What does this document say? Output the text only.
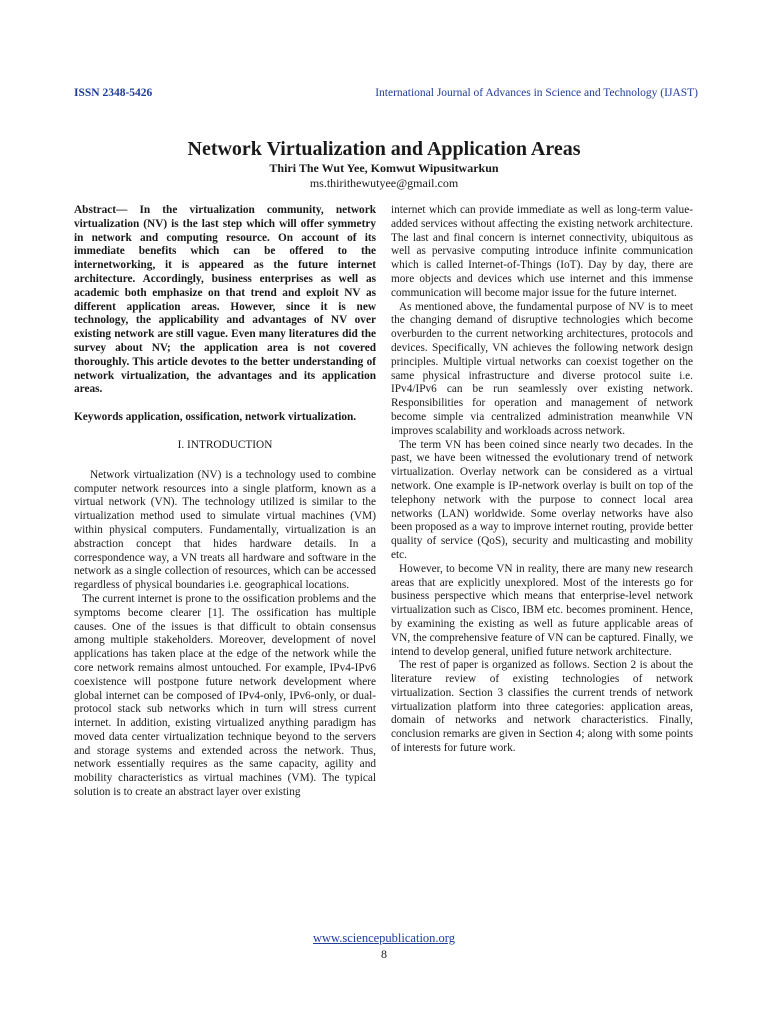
ISSN 2348-5426	International Journal of Advances in Science and Technology (IJAST)
Network Virtualization and Application Areas
Thiri The Wut Yee, Komwut Wipusitwarkun
ms.thirithewutyee@gmail.com

Abstract— In the virtualization community, network virtualization (NV) is the last step which will offer symmetry in network and computing resource. On account of its immediate benefits which can be offered to the internetworking, it is appeared as the future internet architecture. Accordingly, business enterprises as well as academic both emphasize on that trend and exploit NV as different application areas. However, since it is new technology, the applicability and advantages of NV over existing network are still vague. Even many literatures did the survey about NV; the application area is not covered thoroughly. This article devotes to the better understanding of network virtualization, the advantages and its application areas.

Keywords application, ossification, network virtualization.

I. INTRODUCTION

Network virtualization (NV) is a technology used to combine computer network resources into a single platform, known as a virtual network (VN). The technology utilized is similar to the virtualization method used to simulate virtual machines (VM) within physical computers. Fundamentally, virtualization is an abstraction concept that hides hardware details. In a correspondence way, a VN treats all hardware and software in the network as a single collection of resources, which can be accessed regardless of physical boundaries i.e. geographical locations.

The current internet is prone to the ossification problems and the symptoms become clearer [1]. The ossification has multiple causes. One of the issues is that difficult to obtain consensus among multiple stakeholders. Moreover, development of novel applications has taken place at the edge of the network while the core network remains almost untouched. For example, IPv4-IPv6 coexistence will postpone future network development where global internet can be composed of IPv4-only, IPv6-only, or dual-protocol stack sub networks which in turn will stress current internet. In addition, existing virtualized anything paradigm has moved data center virtualization technique beyond to the servers and storage systems and extended across the network. Thus, network essentially requires as the same capacity, agility and mobility characteristics as virtual machines (VM). The typical solution is to create an abstract layer over existing

internet which can provide immediate as well as long-term value-added services without affecting the existing network architecture. The last and final concern is internet connectivity, ubiquitous as well as pervasive computing introduce infinite communication which is called Internet-of-Things (IoT). Day by day, there are more objects and devices which use internet and this immense communication will become major issue for the future internet.

As mentioned above, the fundamental purpose of NV is to meet the changing demand of disruptive technologies which become overburden to the current networking architectures, protocols and devices. Specifically, VN achieves the following network design principles. Multiple virtual networks can coexist together on the same physical infrastructure and diverse protocol suite i.e. IPv4/IPv6 can be run seamlessly over existing network. Responsibilities for operation and management of network become simple via centralized administration meanwhile VN improves scalability and workloads across network.

The term VN has been coined since nearly two decades. In the past, we have been witnessed the evolutionary trend of network virtualization. Overlay network can be considered as a virtual network. One example is IP-network overlay is built on top of the telephony network with the purpose to connect local area networks (LAN) worldwide. Some overlay networks have also been proposed as a way to improve internet routing, provide better quality of service (QoS), security and multicasting and mobility etc.

However, to become VN in reality, there are many new research areas that are explicitly unexplored. Most of the interests go for business perspective which means that enterprise-level network virtualization such as Cisco, IBM etc. becomes prominent. Hence, by examining the existing as well as future applicable areas of VN, the comprehensive feature of VN can be captured. Finally, we intend to develop general, unified future network architecture.

The rest of paper is organized as follows. Section 2 is about the literature review of existing technologies of network virtualization. Section 3 classifies the current trends of network virtualization platform into three categories: application areas, domain of networks and network characteristics. Finally, conclusion remarks are given in Section 4; along with some points of interests for future work.

www.sciencepublication.org
8
